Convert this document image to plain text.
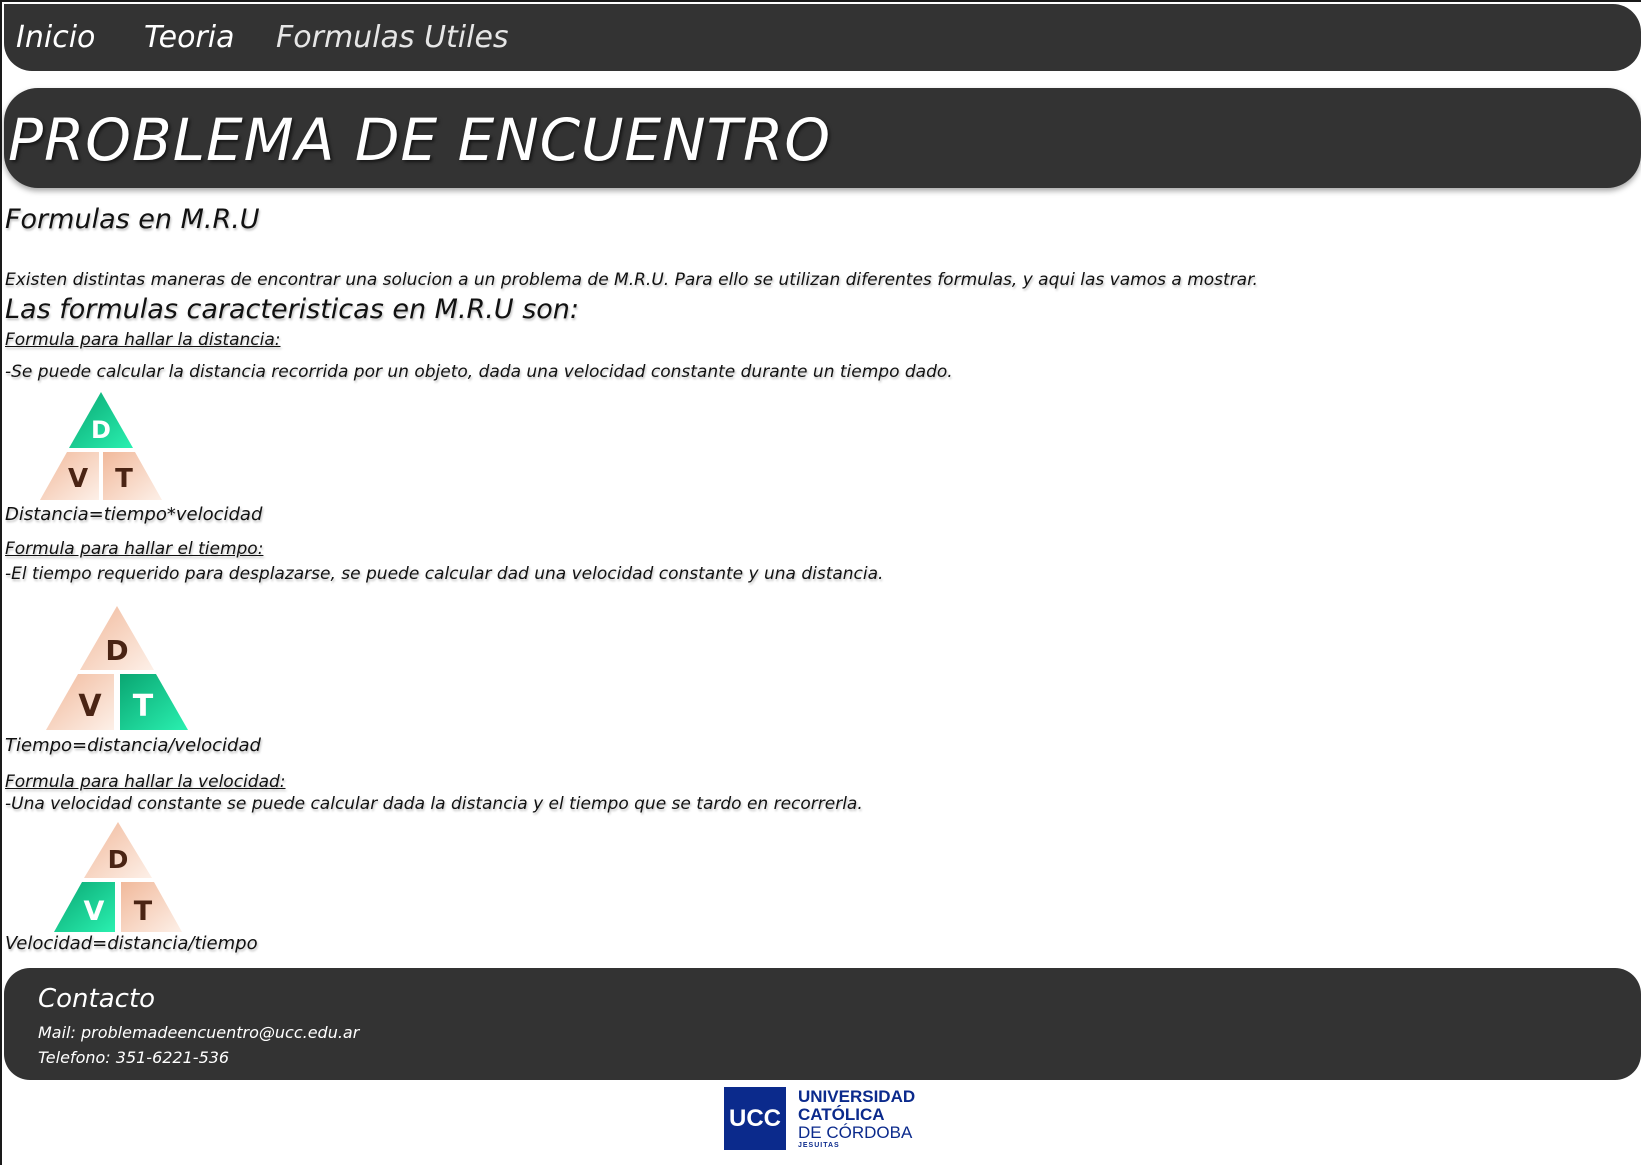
Inicio Teoria Formulas Utiles
PROBLEMA DE ENCUENTRO
Formulas en M.R.U
Existen distintas maneras de encontrar una solucion a un problema de M.R.U. Para ello se utilizan diferentes formulas, y aqui las vamos a mostrar.
Las formulas caracteristicas en M.R.U son:
Formula para hallar la distancia:
-Se puede calcular la distancia recorrida por un objeto, dada una velocidad constante durante un tiempo dado.
D
V T
Distancia=tiempo*velocidad
Formula para hallar el tiempo:
-El tiempo requerido para desplazarse, se puede calcular dad una velocidad constante y una distancia.
D
V T
Tiempo=distancia/velocidad
Formula para hallar la velocidad:
-Una velocidad constante se puede calcular dada la distancia y el tiempo que se tardo en recorrerla.
D
V T
Velocidad=distancia/tiempo
Contacto
Mail: problemadeencuentro@ucc.edu.ar
Telefono: 351-6221-536
UCC
UNIVERSIDAD
CATÓLICA
DE CÓRDOBA
JESUITAS
